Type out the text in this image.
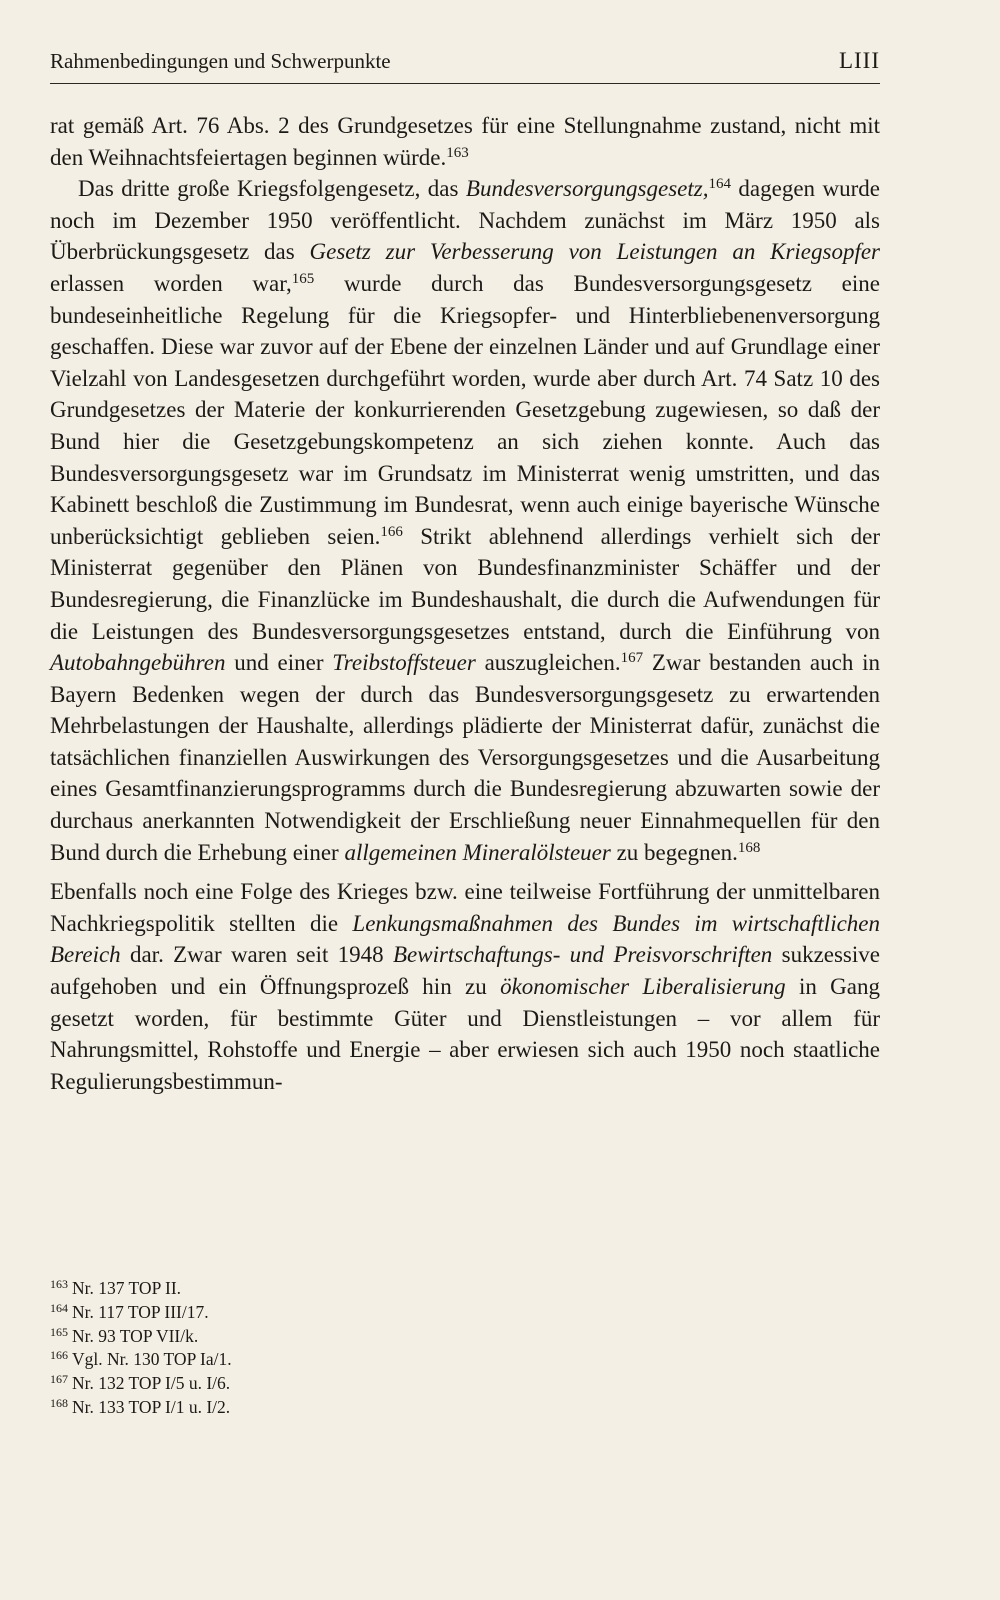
Rahmenbedingungen und Schwerpunkte	LIII

rat gemäß Art. 76 Abs. 2 des Grundgesetzes für eine Stellungnahme zustand, nicht mit den Weihnachtsfeiertagen beginnen würde.$^{163}$

Das dritte große Kriegsfolgengesetz, das Bundesversorgungsgesetz,$^{164}$ dagegen wurde noch im Dezember 1950 veröffentlicht. Nachdem zunächst im März 1950 als Überbrückungsgesetz das Gesetz zur Verbesserung von Leistungen an Kriegsopfer erlassen worden war,$^{165}$ wurde durch das Bundesversorgungsgesetz eine bundeseinheitliche Regelung für die Kriegsopfer- und Hinterbliebenenversorgung geschaffen. Diese war zuvor auf der Ebene der einzelnen Länder und auf Grundlage einer Vielzahl von Landesgesetzen durchgeführt worden, wurde aber durch Art. 74 Satz 10 des Grundgesetzes der Materie der konkurrierenden Gesetzgebung zugewiesen, so daß der Bund hier die Gesetzgebungskompetenz an sich ziehen konnte. Auch das Bundesversorgungsgesetz war im Grundsatz im Ministerrat wenig umstritten, und das Kabinett beschloß die Zustimmung im Bundesrat, wenn auch einige bayerische Wünsche unberücksichtigt geblieben seien.$^{166}$ Strikt ablehnend allerdings verhielt sich der Ministerrat gegenüber den Plänen von Bundesfinanzminister Schäffer und der Bundesregierung, die Finanzlücke im Bundeshaushalt, die durch die Aufwendungen für die Leistungen des Bundesversorgungsgesetzes entstand, durch die Einführung von Autobahngebühren und einer Treibstoffsteuer auszugleichen.$^{167}$ Zwar bestanden auch in Bayern Bedenken wegen der durch das Bundesversorgungsgesetz zu erwartenden Mehrbelastungen der Haushalte, allerdings plädierte der Ministerrat dafür, zunächst die tatsächlichen finanziellen Auswirkungen des Versorgungsgesetzes und die Ausarbeitung eines Gesamtfinanzierungsprogramms durch die Bundesregierung abzuwarten sowie der durchaus anerkannten Notwendigkeit der Erschließung neuer Einnahmequellen für den Bund durch die Erhebung einer allgemeinen Mineralölsteuer zu begegnen.$^{168}$

Ebenfalls noch eine Folge des Krieges bzw. eine teilweise Fortführung der unmittelbaren Nachkriegspolitik stellten die Lenkungsmaßnahmen des Bundes im wirtschaftlichen Bereich dar. Zwar waren seit 1948 Bewirtschaftungs- und Preisvorschriften sukzessive aufgehoben und ein Öffnungsprozeß hin zu ökonomischer Liberalisierung in Gang gesetzt worden, für bestimmte Güter und Dienstleistungen – vor allem für Nahrungsmittel, Rohstoffe und Energie – aber erwiesen sich auch 1950 noch staatliche Regulierungsbestimmun-

$^{163}$ Nr. 137 TOP II.
$^{164}$ Nr. 117 TOP III/17.
$^{165}$ Nr. 93 TOP VII/k.
$^{166}$ Vgl. Nr. 130 TOP Ia/1.
$^{167}$ Nr. 132 TOP I/5 u. I/6.
$^{168}$ Nr. 133 TOP I/1 u. I/2.
